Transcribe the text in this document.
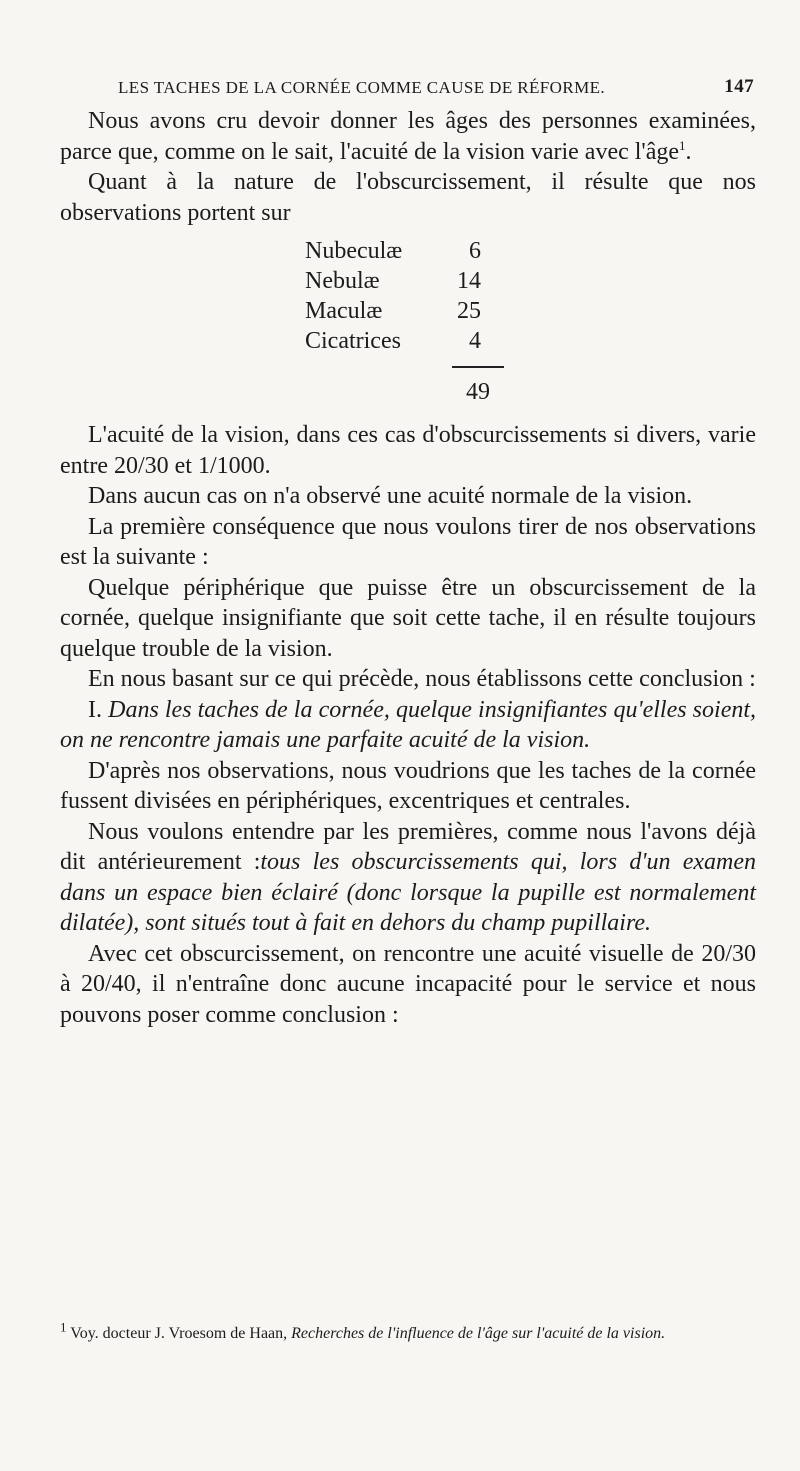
LES TACHES DE LA CORNÉE COMME CAUSE DE RÉFORME.	147

Nous avons cru devoir donner les âges des personnes examinées, parce que, comme on le sait, l'acuité de la vision varie avec l'âge$^1$.

Quant à la nature de l'obscurcissement, il résulte que nos observations portent sur

Nubeculæ	6
Nebulæ	14
Maculæ	25
Cicatrices	4
49

L'acuité de la vision, dans ces cas d'obscurcissements si divers, varie entre 20/30 et 1/1000.

Dans aucun cas on n'a observé une acuité normale de la vision.

La première conséquence que nous voulons tirer de nos observations est la suivante :

Quelque périphérique que puisse être un obscurcissement de la cornée, quelque insignifiante que soit cette tache, il en résulte toujours quelque trouble de la vision.

En nous basant sur ce qui précède, nous établissons cette conclusion :

I. Dans les taches de la cornée, quelque insignifiantes qu'elles soient, on ne rencontre jamais une parfaite acuité de la vision.

D'après nos observations, nous voudrions que les taches de la cornée fussent divisées en périphériques, excentriques et centrales.

Nous voulons entendre par les premières, comme nous l'avons déjà dit antérieurement :tous les obscurcissements qui, lors d'un examen dans un espace bien éclairé (donc lorsque la pupille est normalement dilatée), sont situés tout à fait en dehors du champ pupillaire.

Avec cet obscurcissement, on rencontre une acuité visuelle de 20/30 à 20/40, il n'entraîne donc aucune incapacité pour le service et nous pouvons poser comme conclusion :

$^1$ Voy. docteur J. Vroesom de Haan, Recherches de l'influence de l'âge sur l'acuité de la vision.
